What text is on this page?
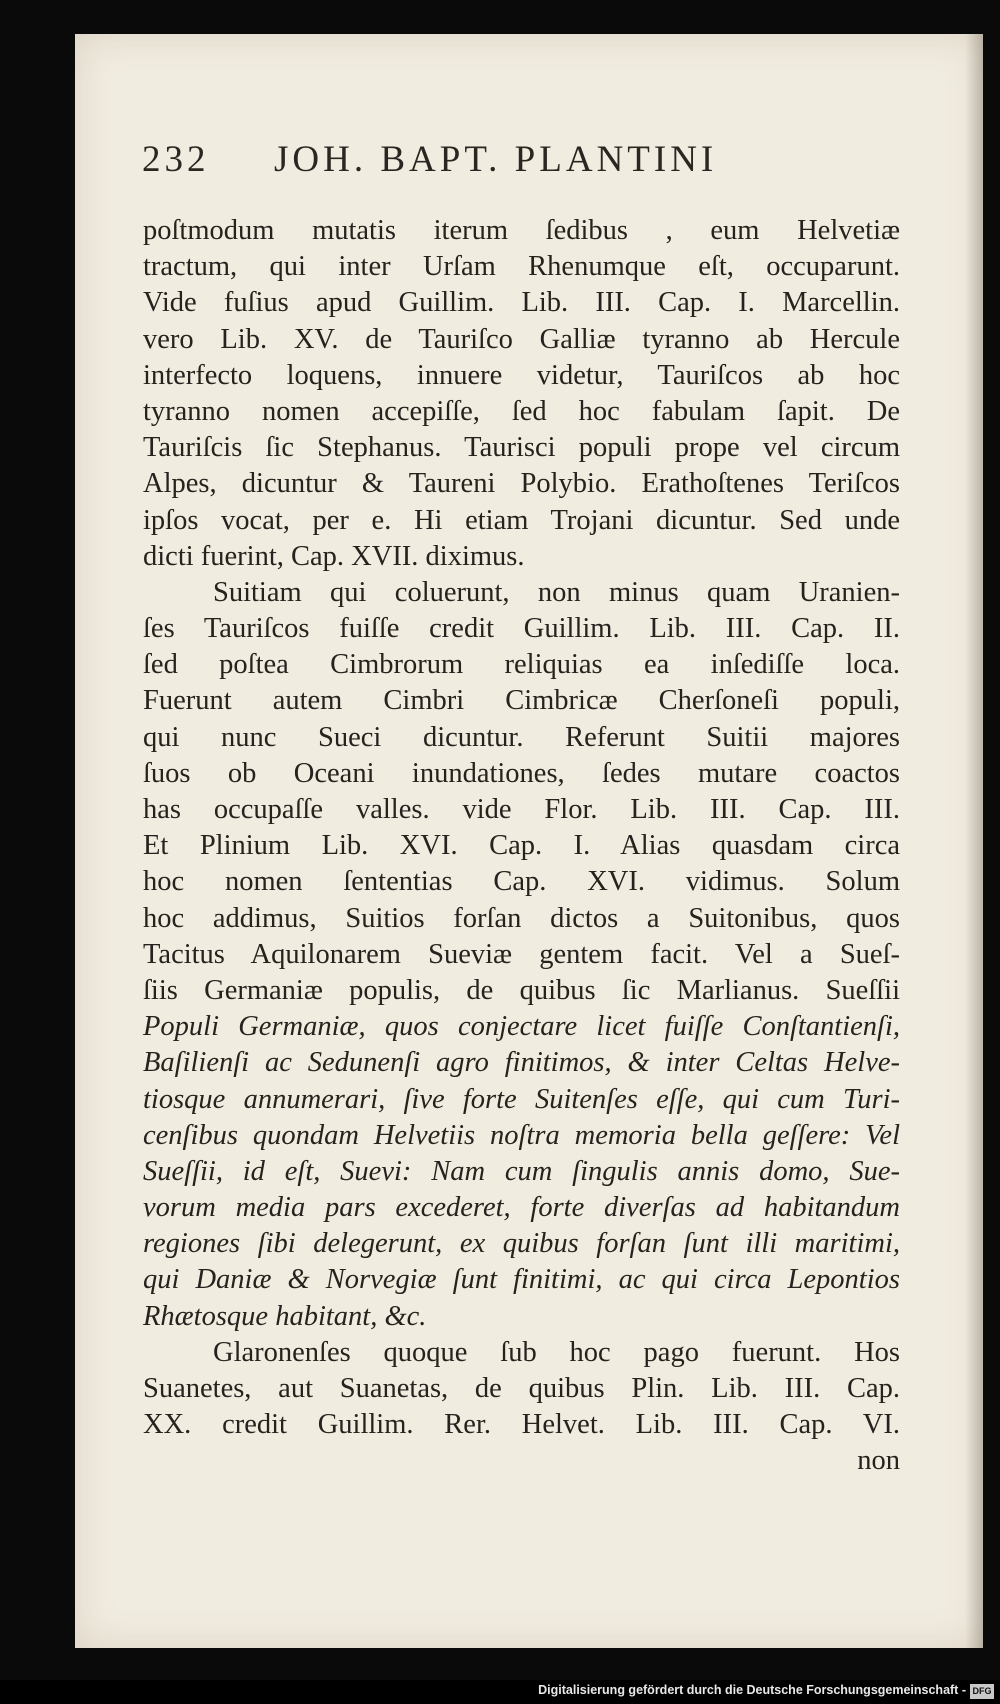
232 JOH. BAPT. PLANTINI
poſtmodum mutatis iterum ſedibus , eum Helvetiæ
tractum, qui inter Urſam Rhenumque eſt, occuparunt.
Vide fuſius apud Guillim. Lib. III. Cap. I. Marcellin.
vero Lib. XV. de Tauriſco Galliæ tyranno ab Hercule
interfecto loquens, innuere videtur, Tauriſcos ab hoc
tyranno nomen accepiſſe, ſed hoc fabulam ſapit. De
Tauriſcis ſic Stephanus. Taurisci populi prope vel circum
Alpes, dicuntur & Taureni Polybio. Erathoſtenes Teriſcos
ipſos vocat, per e. Hi etiam Trojani dicuntur. Sed unde
dicti fuerint, Cap. XVII. diximus.
Suitiam qui coluerunt, non minus quam Uranien-
ſes Tauriſcos fuiſſe credit Guillim. Lib. III. Cap. II.
ſed poſtea Cimbrorum reliquias ea inſediſſe loca.
Fuerunt autem Cimbri Cimbricæ Cherſoneſi populi,
qui nunc Sueci dicuntur. Referunt Suitii majores
ſuos ob Oceani inundationes, ſedes mutare coactos
has occupaſſe valles. vide Flor. Lib. III. Cap. III.
Et Plinium Lib. XVI. Cap. I. Alias quasdam circa
hoc nomen ſententias Cap. XVI. vidimus. Solum
hoc addimus, Suitios forſan dictos a Suitonibus, quos
Tacitus Aquilonarem Sueviæ gentem facit. Vel a Sueſ-
ſiis Germaniæ populis, de quibus ſic Marlianus. Sueſſii
Populi Germaniæ, quos conjectare licet fuiſſe Conſtantienſi,
Baſilienſi ac Sedunenſi agro finitimos, & inter Celtas Helve-
tiosque annumerari, ſive forte Suitenſes eſſe, qui cum Turi-
cenſibus quondam Helvetiis noſtra memoria bella geſſere: Vel
Sueſſii, id eſt, Suevi: Nam cum ſingulis annis domo, Sue-
vorum media pars excederet, forte diverſas ad habitandum
regiones ſibi delegerunt, ex quibus forſan ſunt illi maritimi,
qui Daniæ & Norvegiæ ſunt finitimi, ac qui circa Lepontios
Rhætosque habitant, &c.
Glaronenſes quoque ſub hoc pago fuerunt. Hos
Suanetes, aut Suanetas, de quibus Plin. Lib. III. Cap.
XX. credit Guillim. Rer. Helvet. Lib. III. Cap. VI.
non
Digitalisierung gefördert durch die Deutsche Forschungsgemeinschaft - DFG
